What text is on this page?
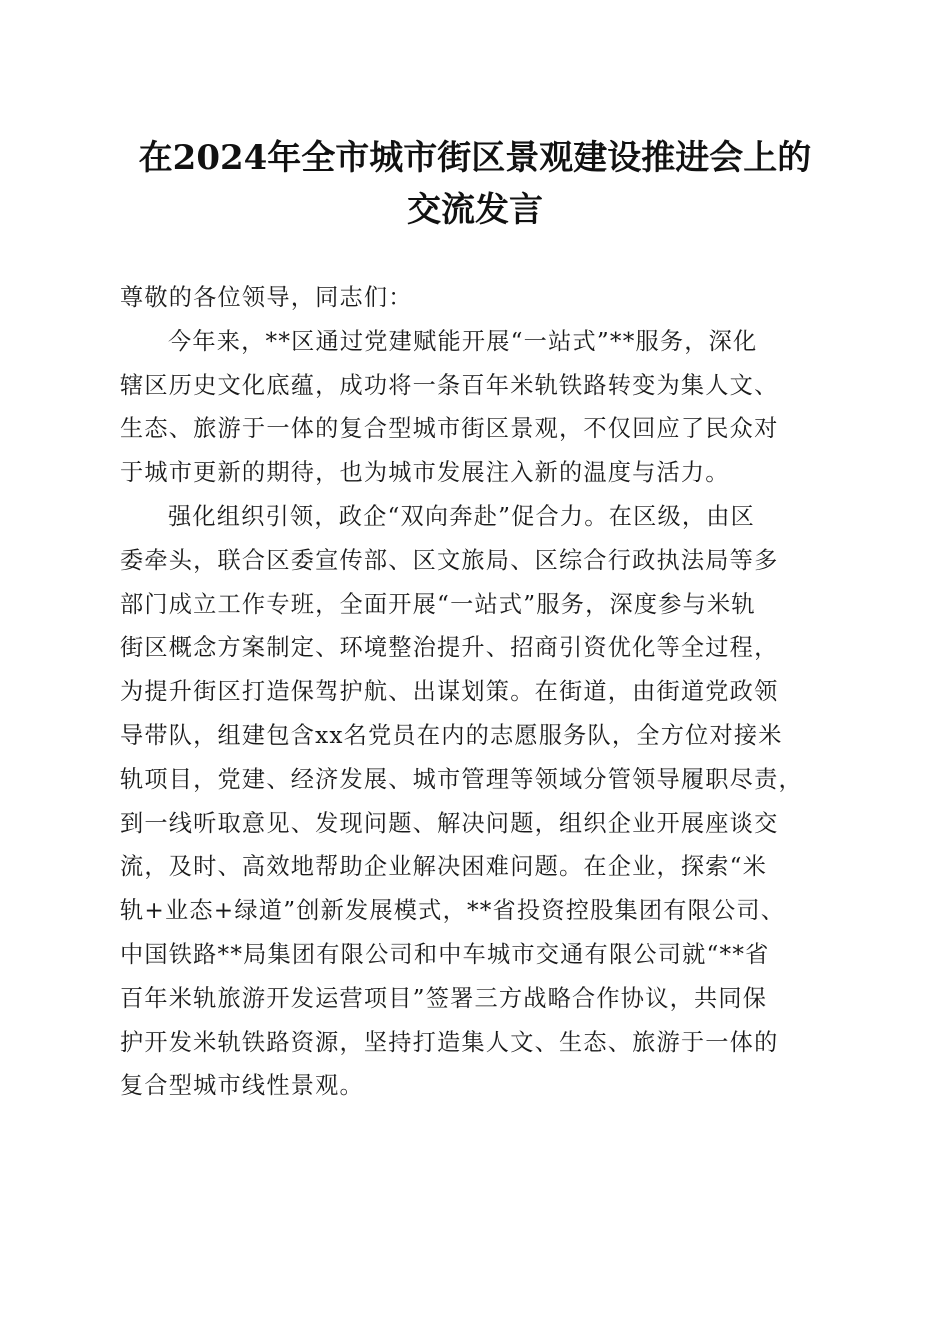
在2024年全市城市街区景观建设推进会上的
交流发言
尊敬的各位领导，同志们：
今年来，**区通过党建赋能开展“一站式”**服务，深化
辖区历史文化底蕴，成功将一条百年米轨铁路转变为集人文、
生态、旅游于一体的复合型城市街区景观，不仅回应了民众对
于城市更新的期待，也为城市发展注入新的温度与活力。
强化组织引领，政企“双向奔赴”促合力。在区级，由区
委牵头，联合区委宣传部、区文旅局、区综合行政执法局等多
部门成立工作专班，全面开展“一站式”服务，深度参与米轨
街区概念方案制定、环境整治提升、招商引资优化等全过程，
为提升街区打造保驾护航、出谋划策。在街道，由街道党政领
导带队，组建包含xx名党员在内的志愿服务队，全方位对接米
轨项目，党建、经济发展、城市管理等领域分管领导履职尽责，
到一线听取意见、发现问题、解决问题，组织企业开展座谈交
流，及时、高效地帮助企业解决困难问题。在企业，探索“米
轨+业态+绿道”创新发展模式，**省投资控股集团有限公司、
中国铁路**局集团有限公司和中车城市交通有限公司就“**省
百年米轨旅游开发运营项目”签署三方战略合作协议，共同保
护开发米轨铁路资源，坚持打造集人文、生态、旅游于一体的
复合型城市线性景观。
